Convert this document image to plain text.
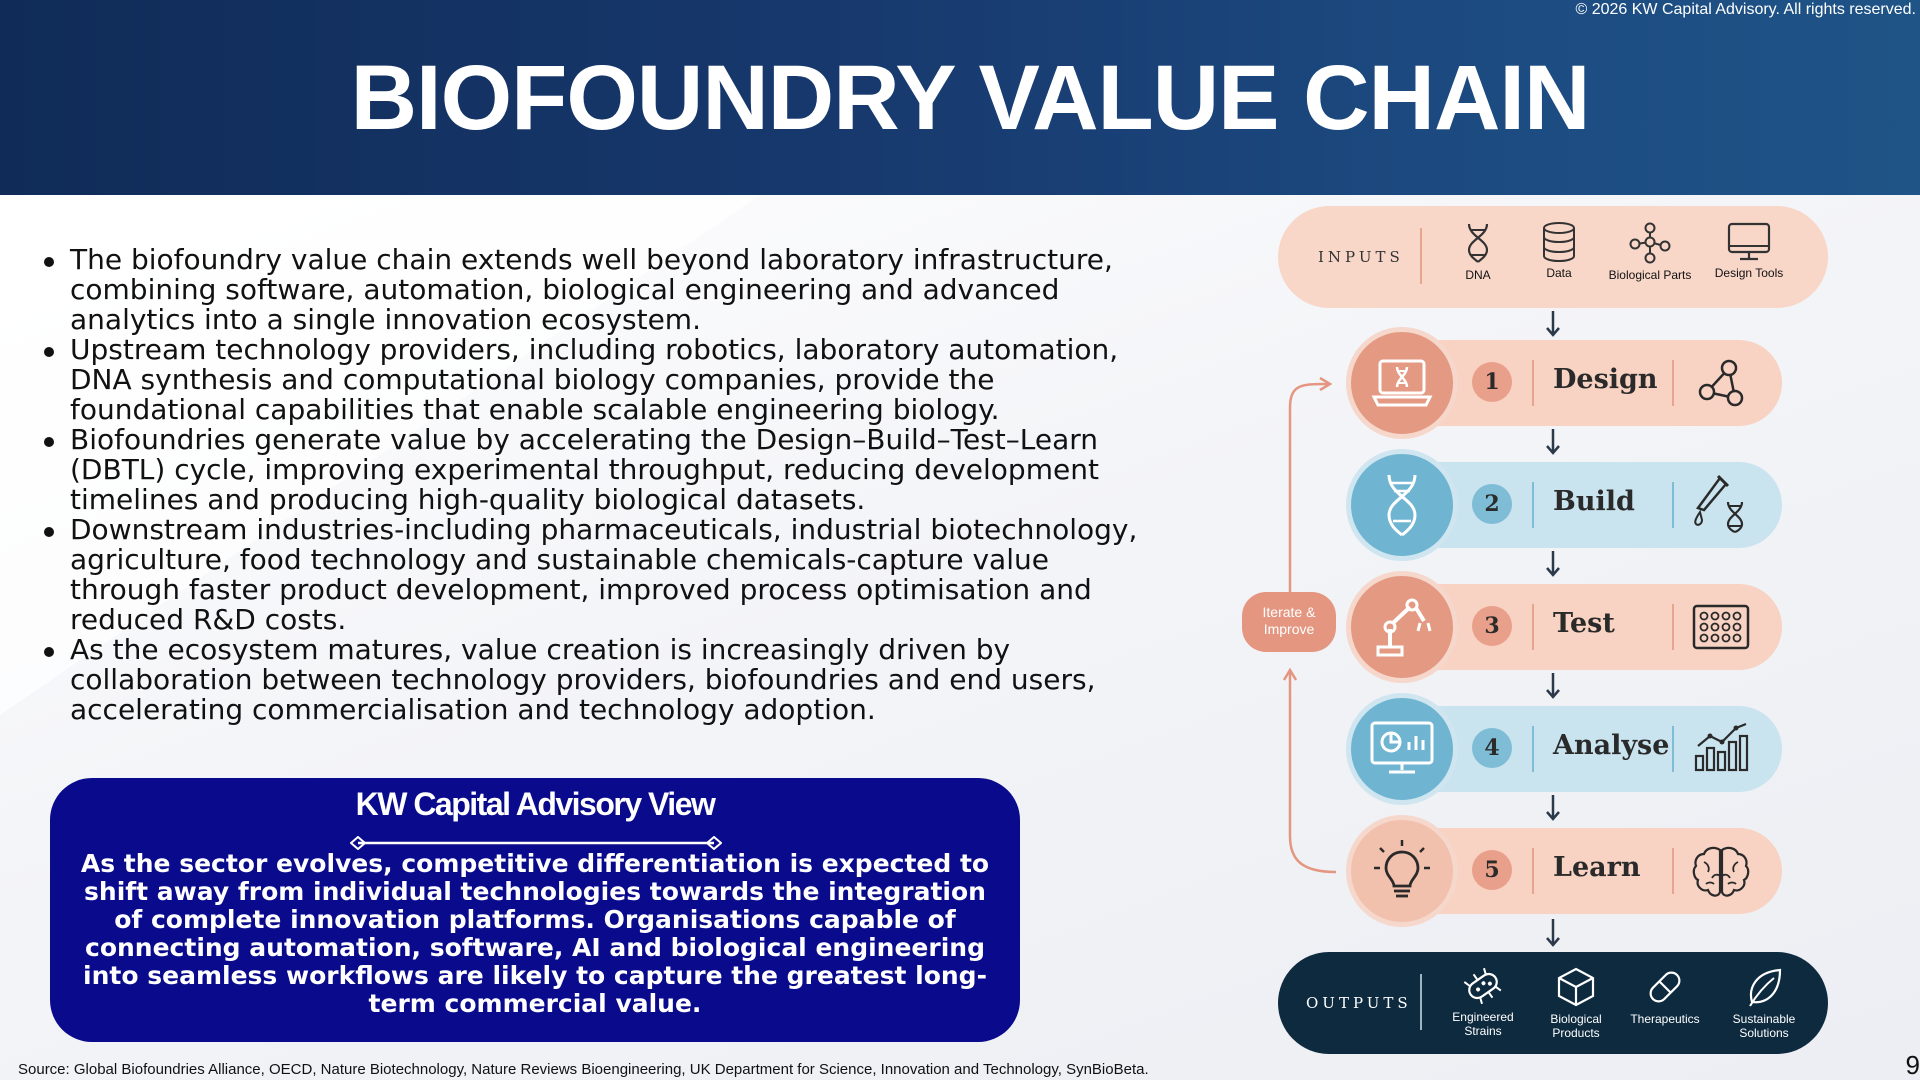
© 2026 KW Capital Advisory. All rights reserved.
BIOFOUNDRY VALUE CHAIN
The biofoundry value chain extends well beyond laboratory infrastructure, combining software, automation, biological engineering and advanced analytics into a single innovation ecosystem.
Upstream technology providers, including robotics, laboratory automation, DNA synthesis and computational biology companies, provide the foundational capabilities that enable scalable engineering biology.
Biofoundries generate value by accelerating the Design–Build–Test–Learn (DBTL) cycle, improving experimental throughput, reducing development timelines and producing high-quality biological datasets.
Downstream industries-including pharmaceuticals, industrial biotechnology, agriculture, food technology and sustainable chemicals-capture value through faster product development, improved process optimisation and reduced R&D costs.
As the ecosystem matures, value creation is increasingly driven by collaboration between technology providers, biofoundries and end users, accelerating commercialisation and technology adoption.
KW Capital Advisory View
As the sector evolves, competitive differentiation is expected to shift away from individual technologies towards the integration of complete innovation platforms. Organisations capable of connecting automation, software, AI and biological engineering into seamless workflows are likely to capture the greatest long-term commercial value.
Source: Global Biofoundries Alliance, OECD, Nature Biotechnology, Nature Reviews Bioengineering, UK Department for Science, Innovation and Technology, SynBioBeta.	9
INPUTS
DNA	Data	Biological Parts	Design Tools
Iterate & Improve
1	Design
2	Build
3	Test
4	Analyse
5	Learn
OUTPUTS
Engineered Strains
Biological Products
Therapeutics	Sustainable Solutions
